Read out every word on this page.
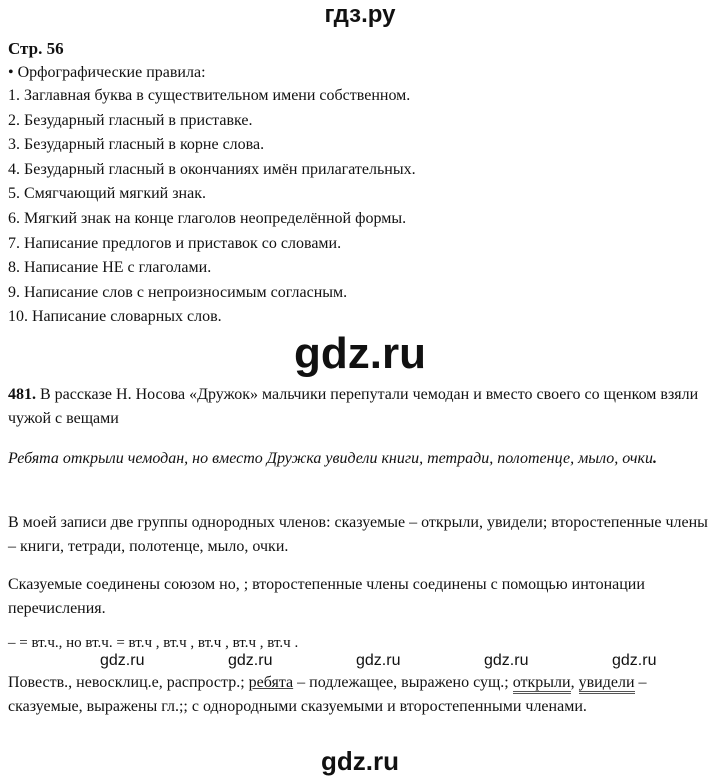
гдз.ру

Стр. 56

• Орфографические правила:

1. Заглавная буква в существительном имени собственном.
2. Безударный гласный в приставке.
3. Безударный гласный в корне слова.
4. Безударный гласный в окончаниях имён прилагательных.
5. Смягчающий мягкий знак.
6. Мягкий знак на конце глаголов неопределённой формы.
7. Написание предлогов и приставок со словами.
8. Написание НЕ с глаголами.
9. Написание слов с непроизносимым согласным.
10. Написание словарных слов.
gdz.ru
481. В рассказе Н. Носова «Дружок» мальчики перепутали чемодан и вместо своего со щенком взяли чужой с вещами
Ребята открыли чемодан, но вместо Дружка увидели книги, тетради, полотенце, мыло, очки.
В моей записи две группы однородных членов: сказуемые – открыли, увидели; второстепенные члены – книги, тетради, полотенце, мыло, очки.
Сказуемые соединены союзом но, ; второстепенные члены соединены с помощью интонации перечисления.
– = вт.ч., но вт.ч. = вт.ч , вт.ч , вт.ч , вт.ч , вт.ч .
gdz.ru	gdz.ru	gdz.ru	gdz.ru	gdz.ru
Повеств., невосклиц.е, распростр.; ребята – подлежащее, выражено сущ.; открыли, увидели – сказуемые, выражены гл.;; с однородными сказуемыми и второстепенными членами.
gdz.ru
